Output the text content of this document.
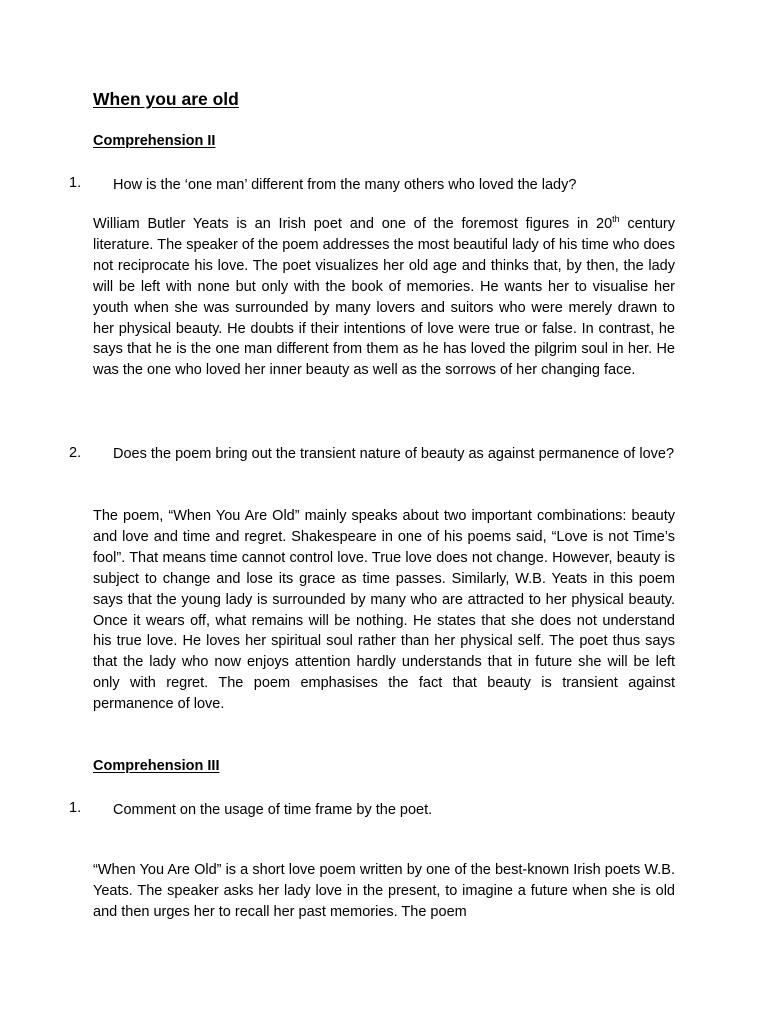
When you are old
Comprehension II
1. How is the ‘one man’ different from the many others who loved the lady?
William Butler Yeats is an Irish poet and one of the foremost figures in 20th century literature. The speaker of the poem addresses the most beautiful lady of his time who does not reciprocate his love. The poet visualizes her old age and thinks that, by then, the lady will be left with none but only with the book of memories. He wants her to visualise her youth when she was surrounded by many lovers and suitors who were merely drawn to her physical beauty. He doubts if their intentions of love were true or false. In contrast, he says that he is the one man different from them as he has loved the pilgrim soul in her. He was the one who loved her inner beauty as well as the sorrows of her changing face.
2.	Does the poem bring out the transient nature of beauty as against permanence of love?
The poem, “When You Are Old” mainly speaks about two important combinations: beauty and love and time and regret. Shakespeare in one of his poems said, “Love is not Time’s fool”. That means time cannot control love. True love does not change. However, beauty is subject to change and lose its grace as time passes. Similarly, W.B. Yeats in this poem says that the young lady is surrounded by many who are attracted to her physical beauty. Once it wears off, what remains will be nothing. He states that she does not understand his true love. He loves her spiritual soul rather than her physical self. The poet thus says that the lady who now enjoys attention hardly understands that in future she will be left only with regret. The poem emphasises the fact that beauty is transient against permanence of love.
Comprehension III
1. Comment on the usage of time frame by the poet.
“When You Are Old” is a short love poem written by one of the best-known Irish poets W.B. Yeats. The speaker asks her lady love in the present, to imagine a future when she is old and then urges her to recall her past memories. The poem
